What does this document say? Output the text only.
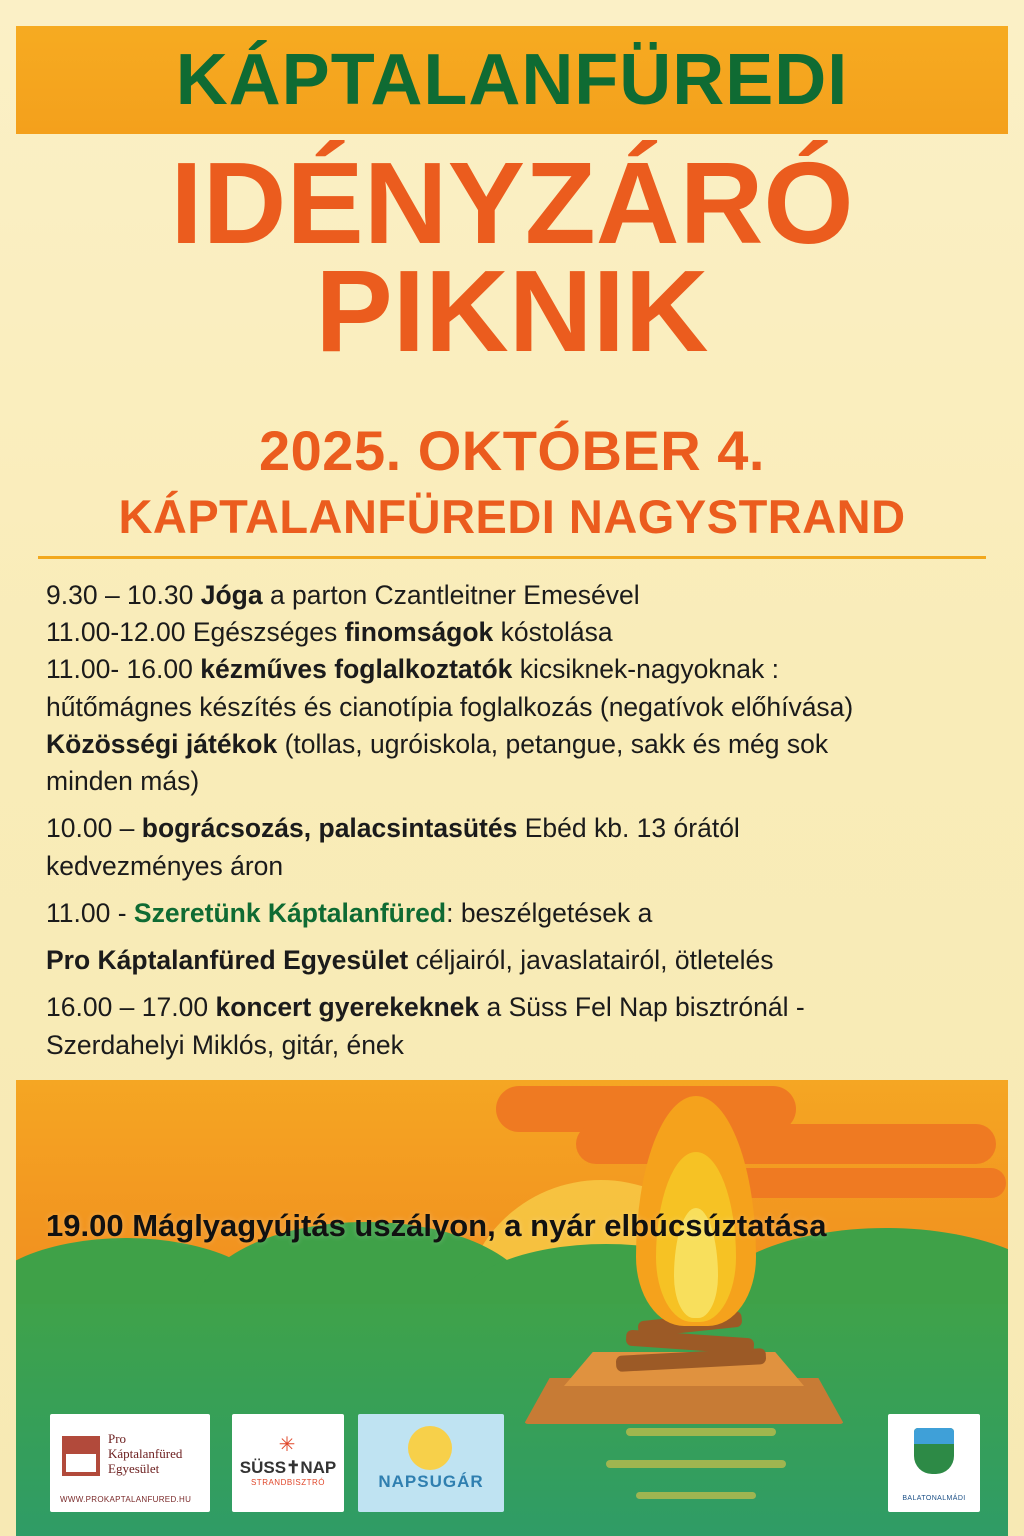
KÁPTALANFÜREDI
IDÉNYZÁRÓ
PIKNIK
2025. OKTÓBER 4.
KÁPTALANFÜREDI NAGYSTRAND

9.30 – 10.30 Jóga a parton Czantleitner Emesével

11.00-12.00 Egészséges finomságok kóstolása

11.00- 16.00 kézműves foglalkoztatók kicsiknek-nagyoknak :

hűtőmágnes készítés és cianotípia foglalkozás (negatívok előhívása)

Közösségi játékok (tollas, ugróiskola, petangue, sakk és még sok

minden más)

10.00 – bográcsozás, palacsintasütés Ebéd kb. 13 órától

kedvezményes áron

11.00 - Szeretünk Káptalanfüred: beszélgetések a

Pro Káptalanfüred Egyesület céljairól, javaslatairól, ötletelés

16.00 – 17.00 koncert gyerekeknek a Süss Fel Nap bisztrónál -

Szerdahelyi Miklós, gitár, ének

19.00 Máglyagyújtás uszályon, a nyár elbúcsúztatása
Pro
Káptalanfüred
Egyesület
WWW.PROKAPTALANFURED.HU
✳
SÜSS✝NAP
STRANDBISZTRÓ	NAPSUGÁR
BALATONALMÁDI
